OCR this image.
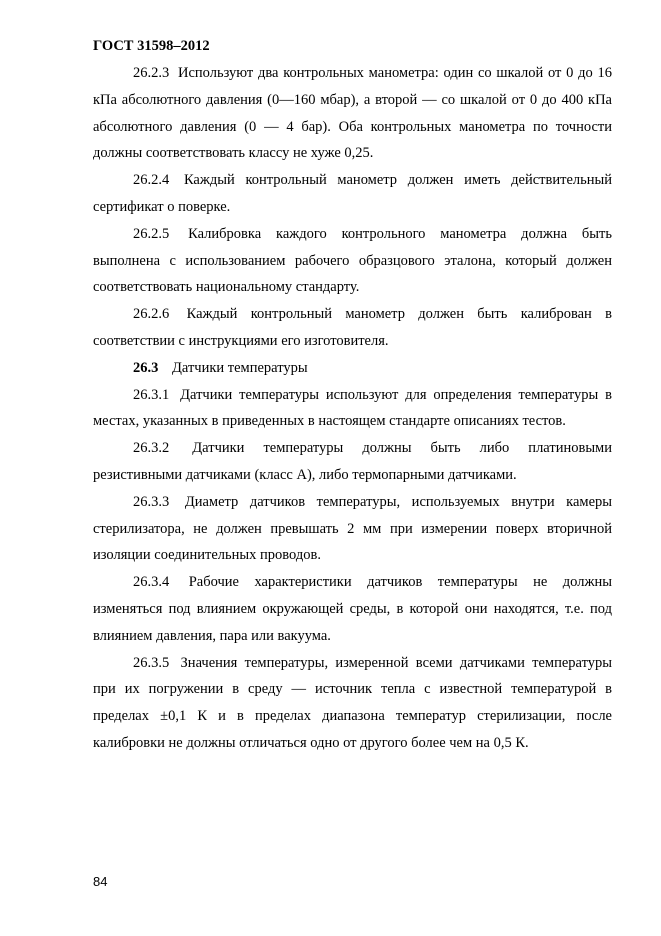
ГОСТ 31598–2012

26.2.3 Используют два контрольных манометра: один со шкалой от 0 до 16 кПа абсолютного давления (0—160 мбар), а второй — со шкалой от 0 до 400 кПа абсолютного давления (0 — 4 бар). Оба контрольных манометра по точности должны соответствовать классу не хуже 0,25.

26.2.4 Каждый контрольный манометр должен иметь действительный сертификат о поверке.

26.2.5 Калибровка каждого контрольного манометра должна быть выполнена с использованием рабочего образцового эталона, который должен соответствовать национальному стандарту.

26.2.6 Каждый контрольный манометр должен быть калиброван в соответствии с инструкциями его изготовителя.

26.3 Датчики температуры

26.3.1 Датчики температуры используют для определения температуры в местах, указанных в приведенных в настоящем стандарте описаниях тестов.

26.3.2 Датчики температуры должны быть либо платиновыми резистивными датчиками (класс А), либо термопарными датчиками.

26.3.3 Диаметр датчиков температуры, используемых внутри камеры стерилизатора, не должен превышать 2 мм при измерении поверх вторичной изоляции соединительных проводов.

26.3.4 Рабочие характеристики датчиков температуры не должны изменяться под влиянием окружающей среды, в которой они находятся, т.е. под влиянием давления, пара или вакуума.

26.3.5 Значения температуры, измеренной всеми датчиками температуры при их погружении в среду — источник тепла с известной температурой в пределах ±0,1 К и в пределах диапазона температур стерилизации, после калибровки не должны отличаться одно от другого более чем на 0,5 К.

84
